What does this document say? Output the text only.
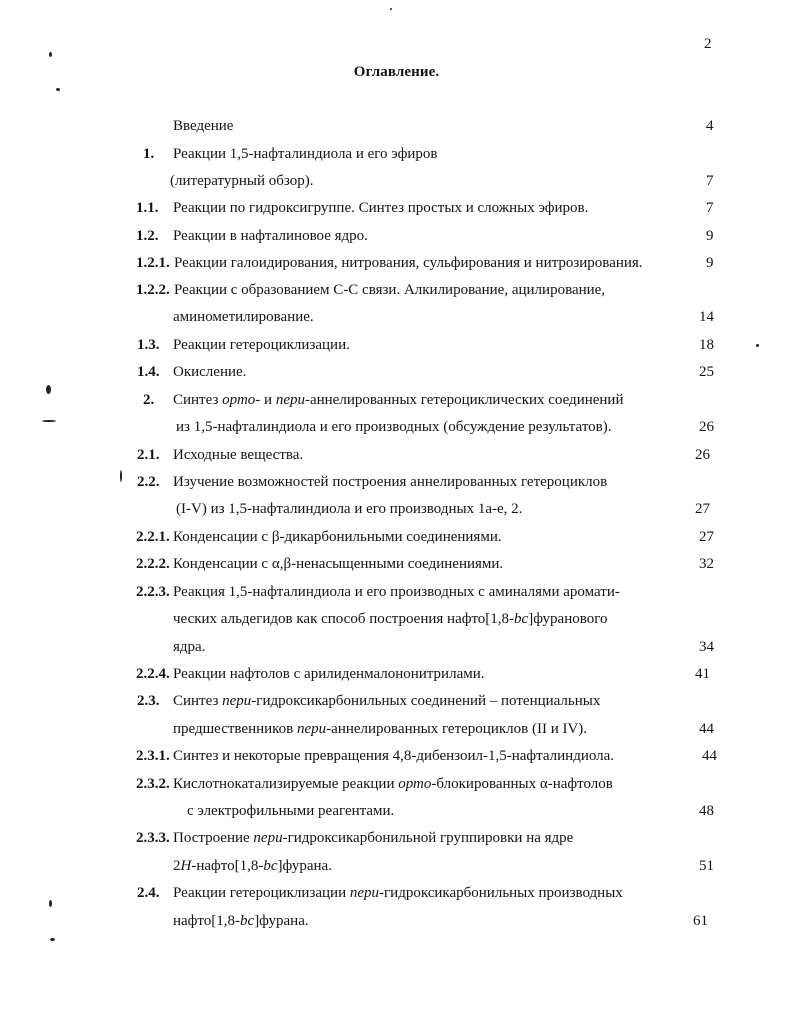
2
Оглавление.
Введение	4
1. Реакции 1,5-нафталиндиола и его эфиров
(литературный обзор).	7
1.1. Реакции по гидроксигруппе. Синтез простых и сложных эфиров.	7
1.2. Реакции в нафталиновое ядро.	9
1.2.1. Реакции галоидирования, нитрования, сульфирования и нитрозирования.	9
1.2.2. Реакции с образованием С-С связи. Алкилирование, ацилирование,
аминометилирование.	14
1.3. Реакции гетероциклизации.	18
1.4. Окисление.	25
2. Синтез орто- и пери-аннелированных гетероциклических соединений
из 1,5-нафталиндиола и его производных (обсуждение результатов).	26
2.1. Исходные вещества.	26
2.2. Изучение возможностей построения аннелированных гетероциклов
(I-V) из 1,5-нафталиндиола и его производных 1а-е, 2.	27
2.2.1. Конденсации с β-дикарбонильными соединениями.	27
2.2.2. Конденсации с α,β-ненасыщенными соединениями.	32
2.2.3. Реакция 1,5-нафталиндиола и его производных с аминалями аромати-
ческих альдегидов как способ построения нафто[1,8-bc]фуранового
ядра.	34
2.2.4. Реакции нафтолов с арилиденмалононитрилами.	41
2.3. Синтез пери-гидроксикарбонильных соединений – потенциальных
предшественников пери-аннелированных гетероциклов (II и IV).	44
2.3.1. Синтез и некоторые превращения 4,8-дибензоил-1,5-нафталиндиола.	44
2.3.2. Кислотнокатализируемые реакции орто-блокированных α-нафтолов
с электрофильными реагентами.	48
2.3.3. Построение пери-гидроксикарбонильной группировки на ядре
2Н-нафто[1,8-bc]фурана.	51
2.4. Реакции гетероциклизации пери-гидроксикарбонильных производных
нафто[1,8-bc]фурана.	61
